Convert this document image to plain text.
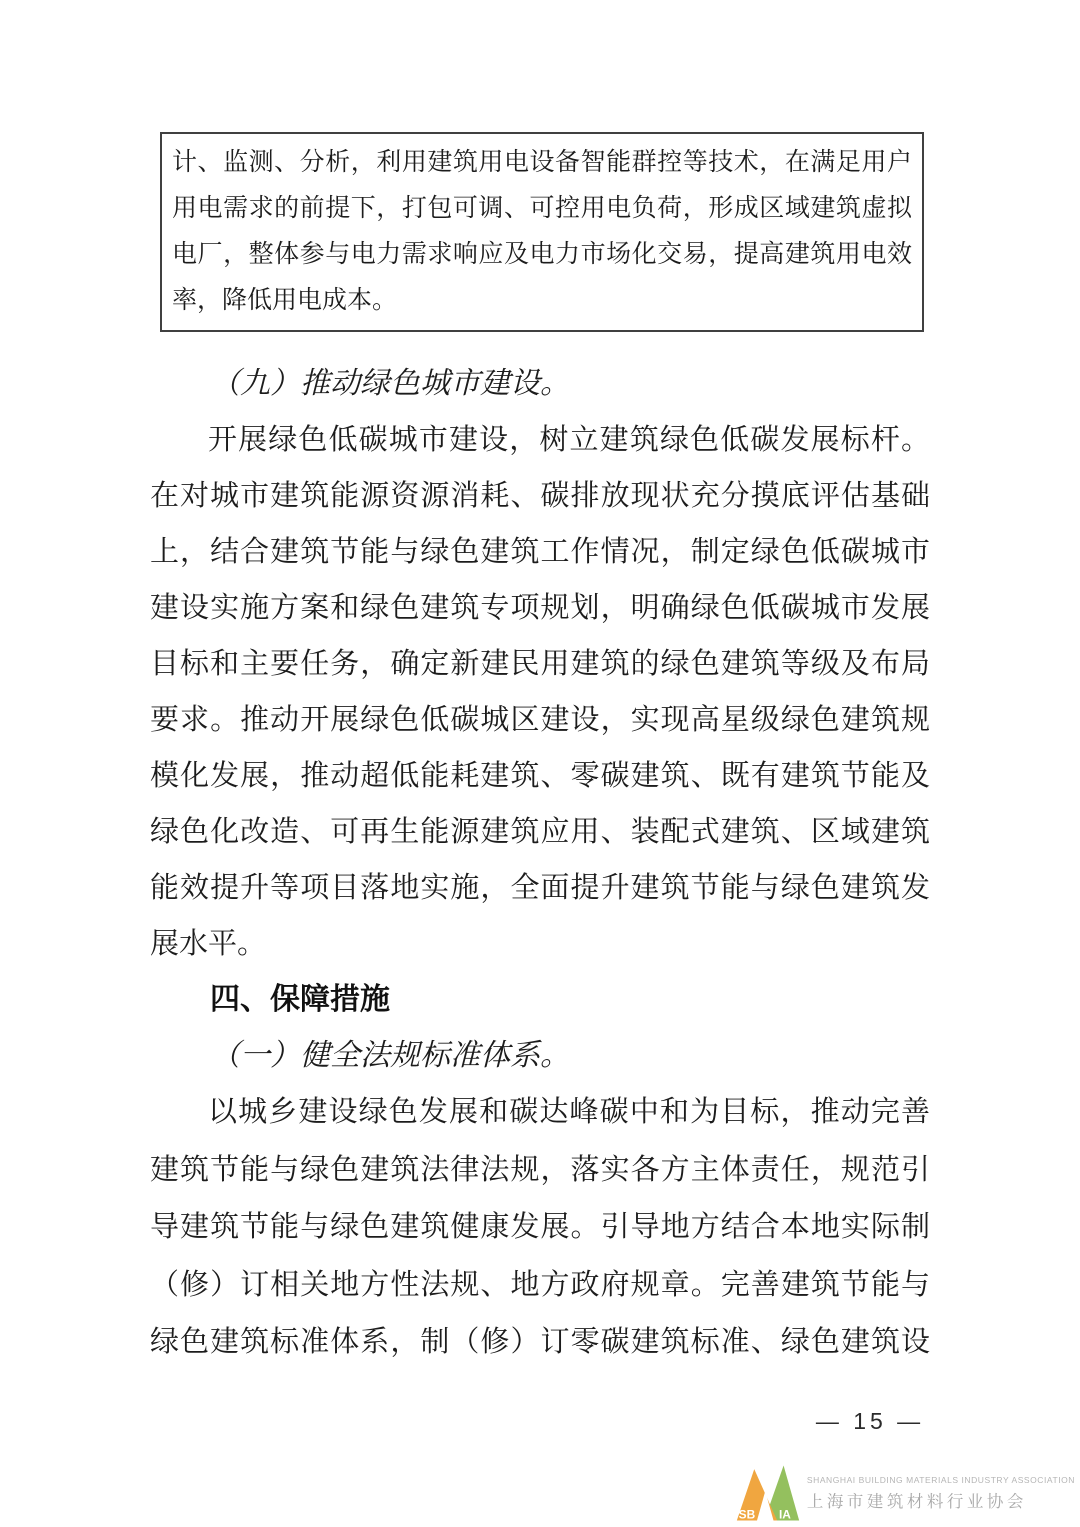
计、监测、分析，利用建筑用电设备智能群控等技术，在满足用户
用电需求的前提下，打包可调、可控用电负荷，形成区域建筑虚拟
电厂，整体参与电力需求响应及电力市场化交易，提高建筑用电效
率，降低用电成本。
（九）推动绿色城市建设。
开展绿色低碳城市建设，树立建筑绿色低碳发展标杆。
在对城市建筑能源资源消耗、碳排放现状充分摸底评估基础
上，结合建筑节能与绿色建筑工作情况，制定绿色低碳城市
建设实施方案和绿色建筑专项规划，明确绿色低碳城市发展
目标和主要任务，确定新建民用建筑的绿色建筑等级及布局
要求。推动开展绿色低碳城区建设，实现高星级绿色建筑规
模化发展，推动超低能耗建筑、零碳建筑、既有建筑节能及
绿色化改造、可再生能源建筑应用、装配式建筑、区域建筑
能效提升等项目落地实施，全面提升建筑节能与绿色建筑发
展水平。
四、保障措施
（一）健全法规标准体系。
以城乡建设绿色发展和碳达峰碳中和为目标，推动完善
建筑节能与绿色建筑法律法规，落实各方主体责任，规范引
导建筑节能与绿色建筑健康发展。引导地方结合本地实际制
（修）订相关地方性法规、地方政府规章。完善建筑节能与
绿色建筑标准体系，制（修）订零碳建筑标准、绿色建筑设
— 15 —
SB IA
SHANGHAI BUILDING MATERIALS INDUSTRY ASSOCIATION
上海市建筑材料行业协会
